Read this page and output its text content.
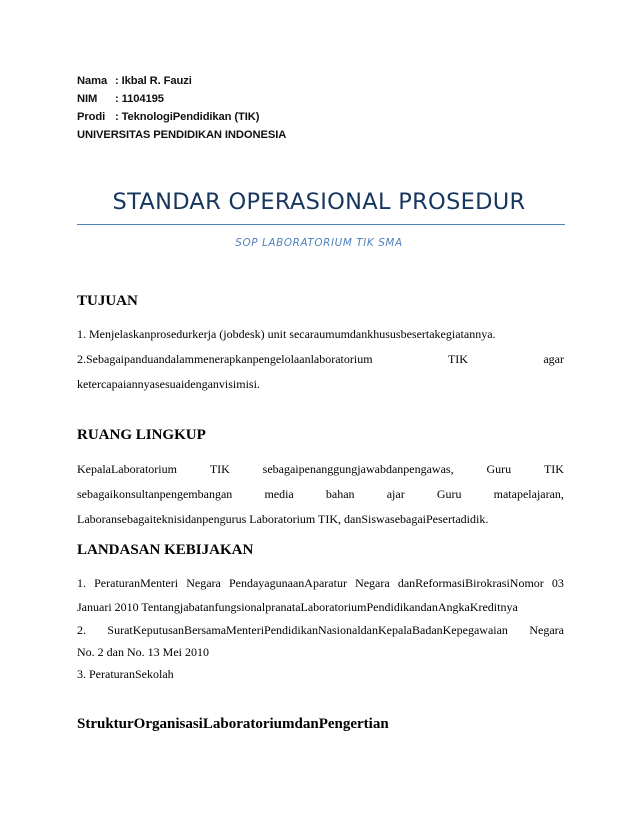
Nama : Ikbal R. Fauzi
NIM : 1104195
Prodi : TeknologiPendidikan (TIK)
UNIVERSITAS PENDIDIKAN INDONESIA
STANDAR OPERASIONAL PROSEDUR
SOP LABORATORIUM TIK SMA
TUJUAN
1. Menjelaskanprosedurkerja (jobdesk) unit secaraumumdankhususbesertakegiatannya.
2.Sebagaipanduandalammenerapkanpengelolaanlaboratorium	TIK	agar
ketercapaiannyasesuaidenganvisimisi.
RUANG LINGKUP
KepalaLaboratorium	TIK	sebagaipenanggungjawabdanpengawas,	Guru	TIK
sebagaikonsultanpengembangan	media	bahan	ajar	Guru	matapelajaran,
Laboransebagaiteknisidanpengurus Laboratorium TIK, danSiswasebagaiPesertadidik.
LANDASAN KEBIJAKAN
1. PeraturanMenteri Negara PendayagunaanAparatur Negara danReformasiBirokrasiNomor 03
Januari 2010 TentangjabatanfungsionalpranataLaboratoriumPendidikandanAngkaKreditnya
2. SuratKeputusanBersamaMenteriPendidikanNasionaldanKepalaBadanKepegawaian Negara
No. 2 dan No. 13 Mei 2010
3. PeraturanSekolah
StrukturOrganisasiLaboratoriumdanPengertian
